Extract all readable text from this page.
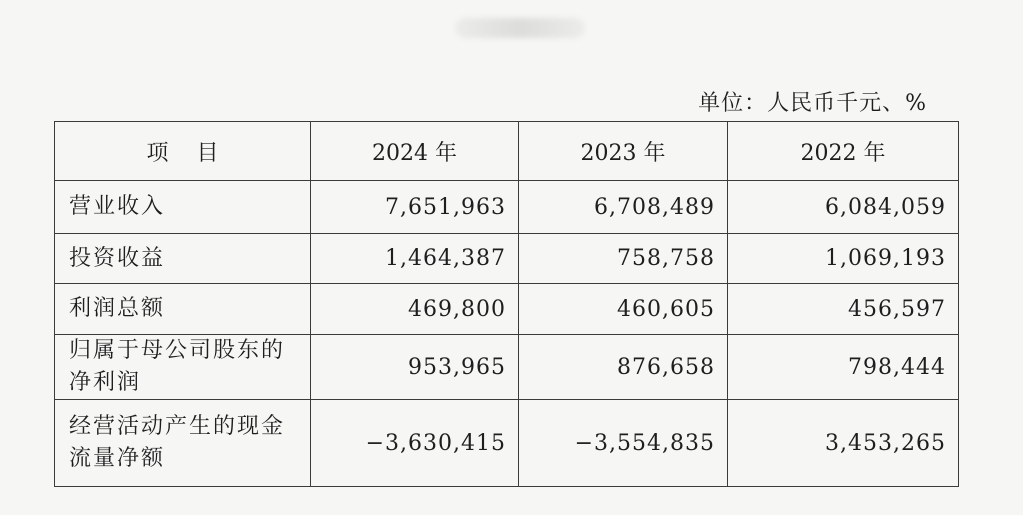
单位：人民币千元、%
项目	2024 年	2023 年	2022 年
营业收入	7,651,963	6,708,489	6,084,059
投资收益	1,464,387	758,758	1,069,193
利润总额	469,800	460,605	456,597

归属于母公司股东的
净利润	953,965	876,658	798,444

经营活动产生的现金
流量净额	−3,630,415	−3,554,835	3,453,265
